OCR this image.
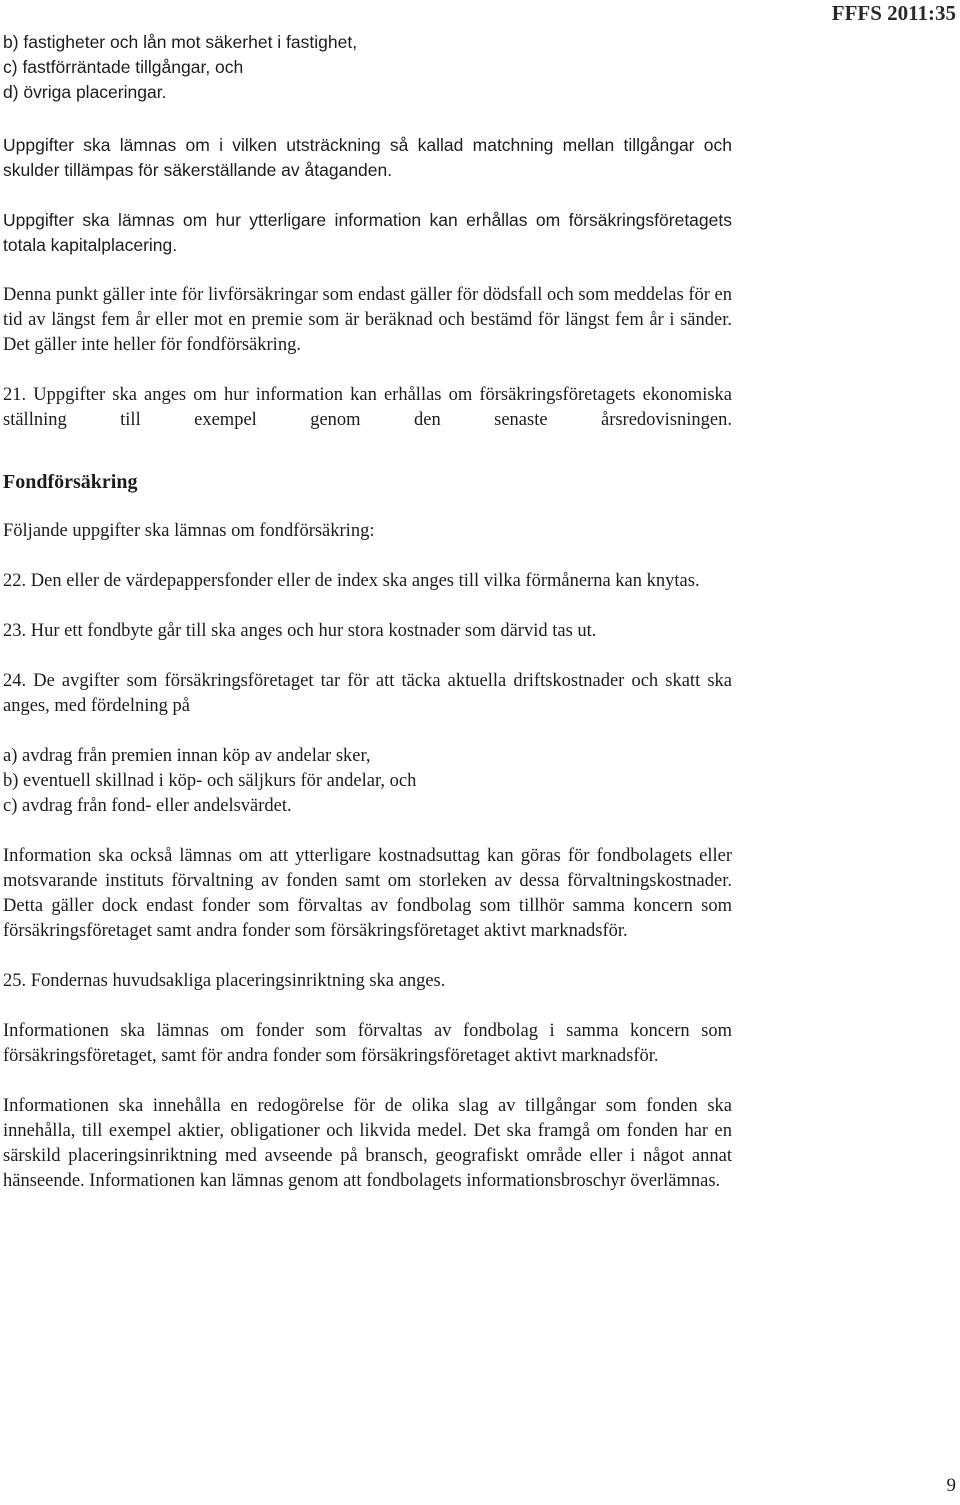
FFFS 2011:35

b) fastigheter och lån mot säkerhet i fastighet,
c) fastförräntade tillgångar, och
d) övriga placeringar.

Uppgifter ska lämnas om i vilken utsträckning så kallad matchning mellan tillgångar och skulder tillämpas för säkerställande av åtaganden.

Uppgifter ska lämnas om hur ytterligare information kan erhållas om försäkringsföretagets totala kapitalplacering.

Denna punkt gäller inte för livförsäkringar som endast gäller för dödsfall och som meddelas för en tid av längst fem år eller mot en premie som är beräknad och bestämd för längst fem år i sänder. Det gäller inte heller för fondförsäkring.

21. Uppgifter ska anges om hur information kan erhållas om försäkringsföretagets ekonomiska ställning till exempel genom den senaste årsredovisningen.

Fondförsäkring

Följande uppgifter ska lämnas om fondförsäkring:

22. Den eller de värdepappersfonder eller de index ska anges till vilka förmånerna kan knytas.

23. Hur ett fondbyte går till ska anges och hur stora kostnader som därvid tas ut.

24. De avgifter som försäkringsföretaget tar för att täcka aktuella driftskostnader och skatt ska anges, med fördelning på

a) avdrag från premien innan köp av andelar sker,
b) eventuell skillnad i köp- och säljkurs för andelar, och
c) avdrag från fond- eller andelsvärdet.

Information ska också lämnas om att ytterligare kostnadsuttag kan göras för fondbolagets eller motsvarande instituts förvaltning av fonden samt om storleken av dessa förvaltningskostnader. Detta gäller dock endast fonder som förvaltas av fondbolag som tillhör samma koncern som försäkringsföretaget samt andra fonder som försäkringsföretaget aktivt marknadsför.

25. Fondernas huvudsakliga placeringsinriktning ska anges.

Informationen ska lämnas om fonder som förvaltas av fondbolag i samma koncern som försäkringsföretaget, samt för andra fonder som försäkringsföretaget aktivt marknadsför.

Informationen ska innehålla en redogörelse för de olika slag av tillgångar som fonden ska innehålla, till exempel aktier, obligationer och likvida medel. Det ska framgå om fonden har en särskild placeringsinriktning med avseende på bransch, geografiskt område eller i något annat hänseende. Informationen kan lämnas genom att fondbolagets informationsbroschyr överlämnas.

9
